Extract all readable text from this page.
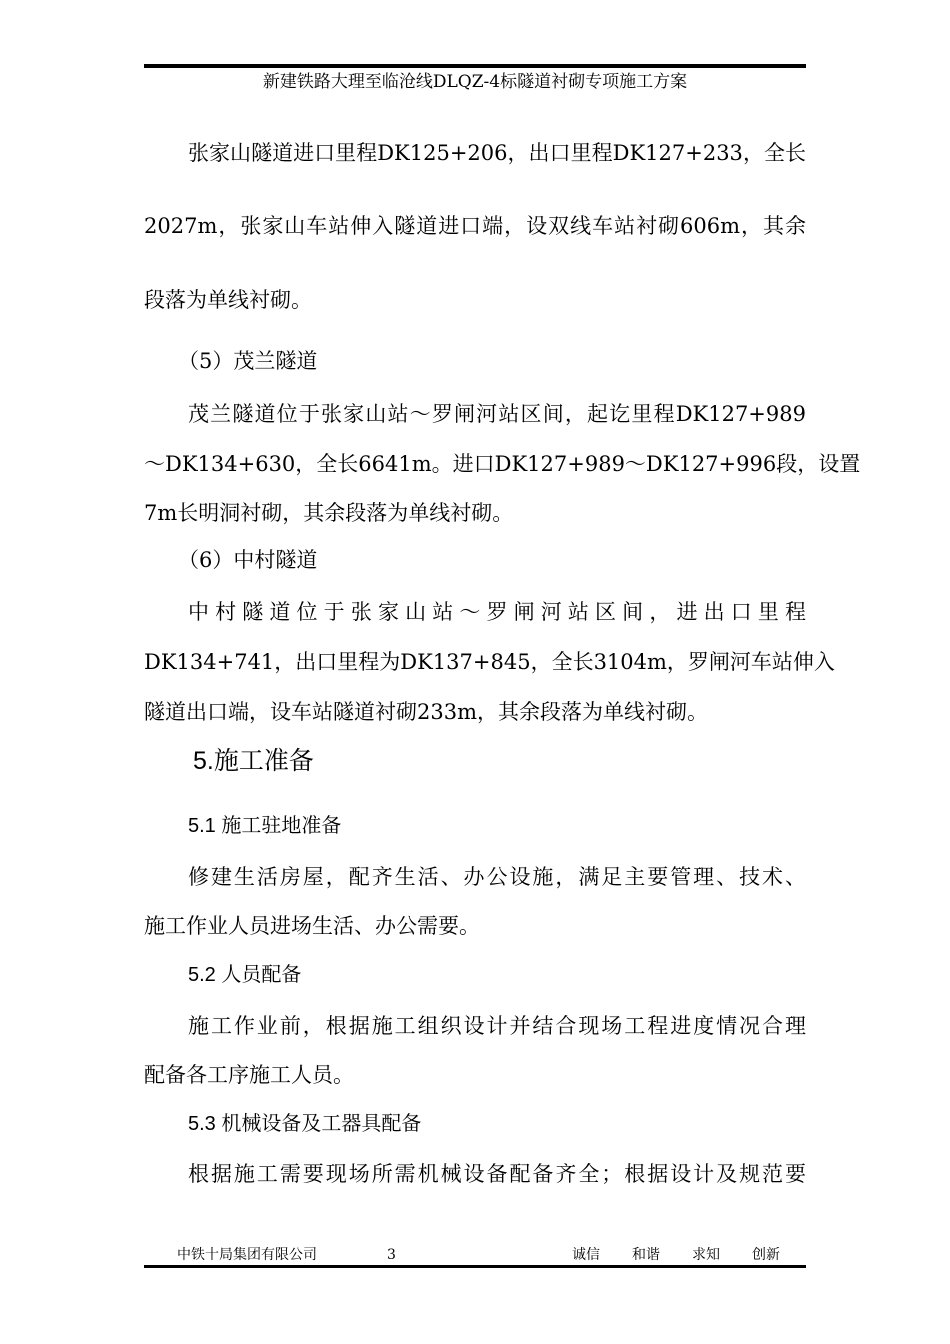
新建铁路大理至临沧线DLQZ-4标隧道衬砌专项施工方案
张家山隧道进口里程DK125+206，出口里程DK127+233，全长
2027m，张家山车站伸入隧道进口端，设双线车站衬砌606m，其余
段落为单线衬砌。
（5）茂兰隧道
茂兰隧道位于张家山站～罗闸河站区间，起讫里程DK127+989
～DK134+630，全长6641m。进口DK127+989～DK127+996段，设置
7m长明洞衬砌，其余段落为单线衬砌。
（6）中村隧道
中村隧道位于张家山站～罗闸河站区间，进出口里程
DK134+741，出口里程为DK137+845，全长3104m，罗闸河车站伸入
隧道出口端，设车站隧道衬砌233m，其余段落为单线衬砌。
5.施工准备
5.1 施工驻地准备
修建生活房屋，配齐生活、办公设施，满足主要管理、技术、
施工作业人员进场生活、办公需要。
5.2 人员配备
施工作业前，根据施工组织设计并结合现场工程进度情况合理
配备各工序施工人员。
5.3 机械设备及工器具配备
根据施工需要现场所需机械设备配备齐全；根据设计及规范要
中铁十局集团有限公司	3	诚信 和谐 求知 创新
